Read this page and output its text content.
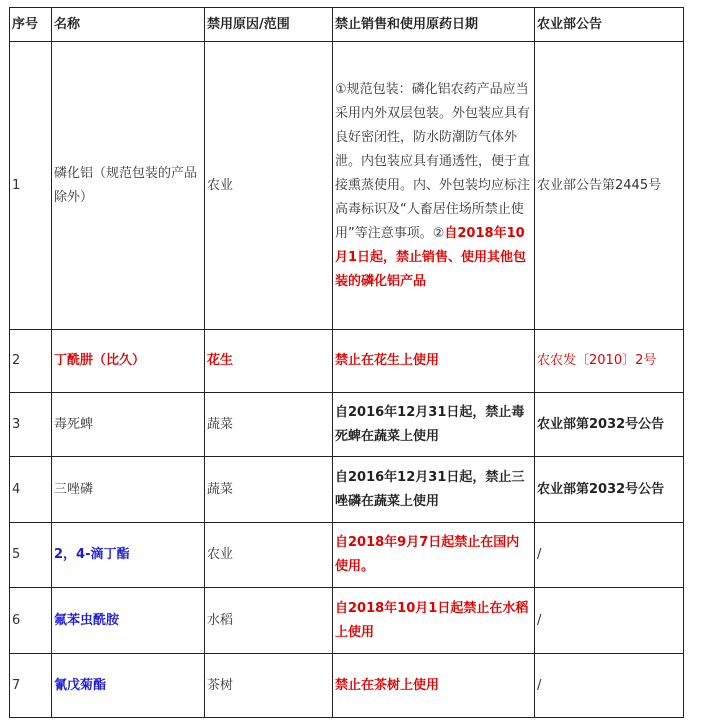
序号	名称	禁用原因/范围	禁止销售和使用原药日期	农业部公告
1	磷化铝（规范包装的产品除外）	农业	①规范包装：磷化铝农药产品应当采用内外双层包装。外包装应具有良好密闭性，防水防潮防气体外泄。内包装应具有通透性，便于直接熏蒸使用。内、外包装均应标注高毒标识及“人畜居住场所禁止使用”等注意事项。②自2018年10月1日起，禁止销售、使用其他包装的磷化铝产品	农业部公告第2445号
2	丁酰肼（比久）	花生	禁止在花生上使用	农农发〔2010〕2号
3	毒死蜱	蔬菜	自2016年12月31日起，禁止毒死蜱在蔬菜上使用	农业部第2032号公告
4	三唑磷	蔬菜	自2016年12月31日起，禁止三唑磷在蔬菜上使用	农业部第2032号公告
5	2，4-滴丁酯	农业	自2018年9月7日起禁止在国内使用。	/
6	氟苯虫酰胺	水稻	自2018年10月1日起禁止在水稻上使用	/
7	氰戊菊酯	茶树	禁止在茶树上使用	/
